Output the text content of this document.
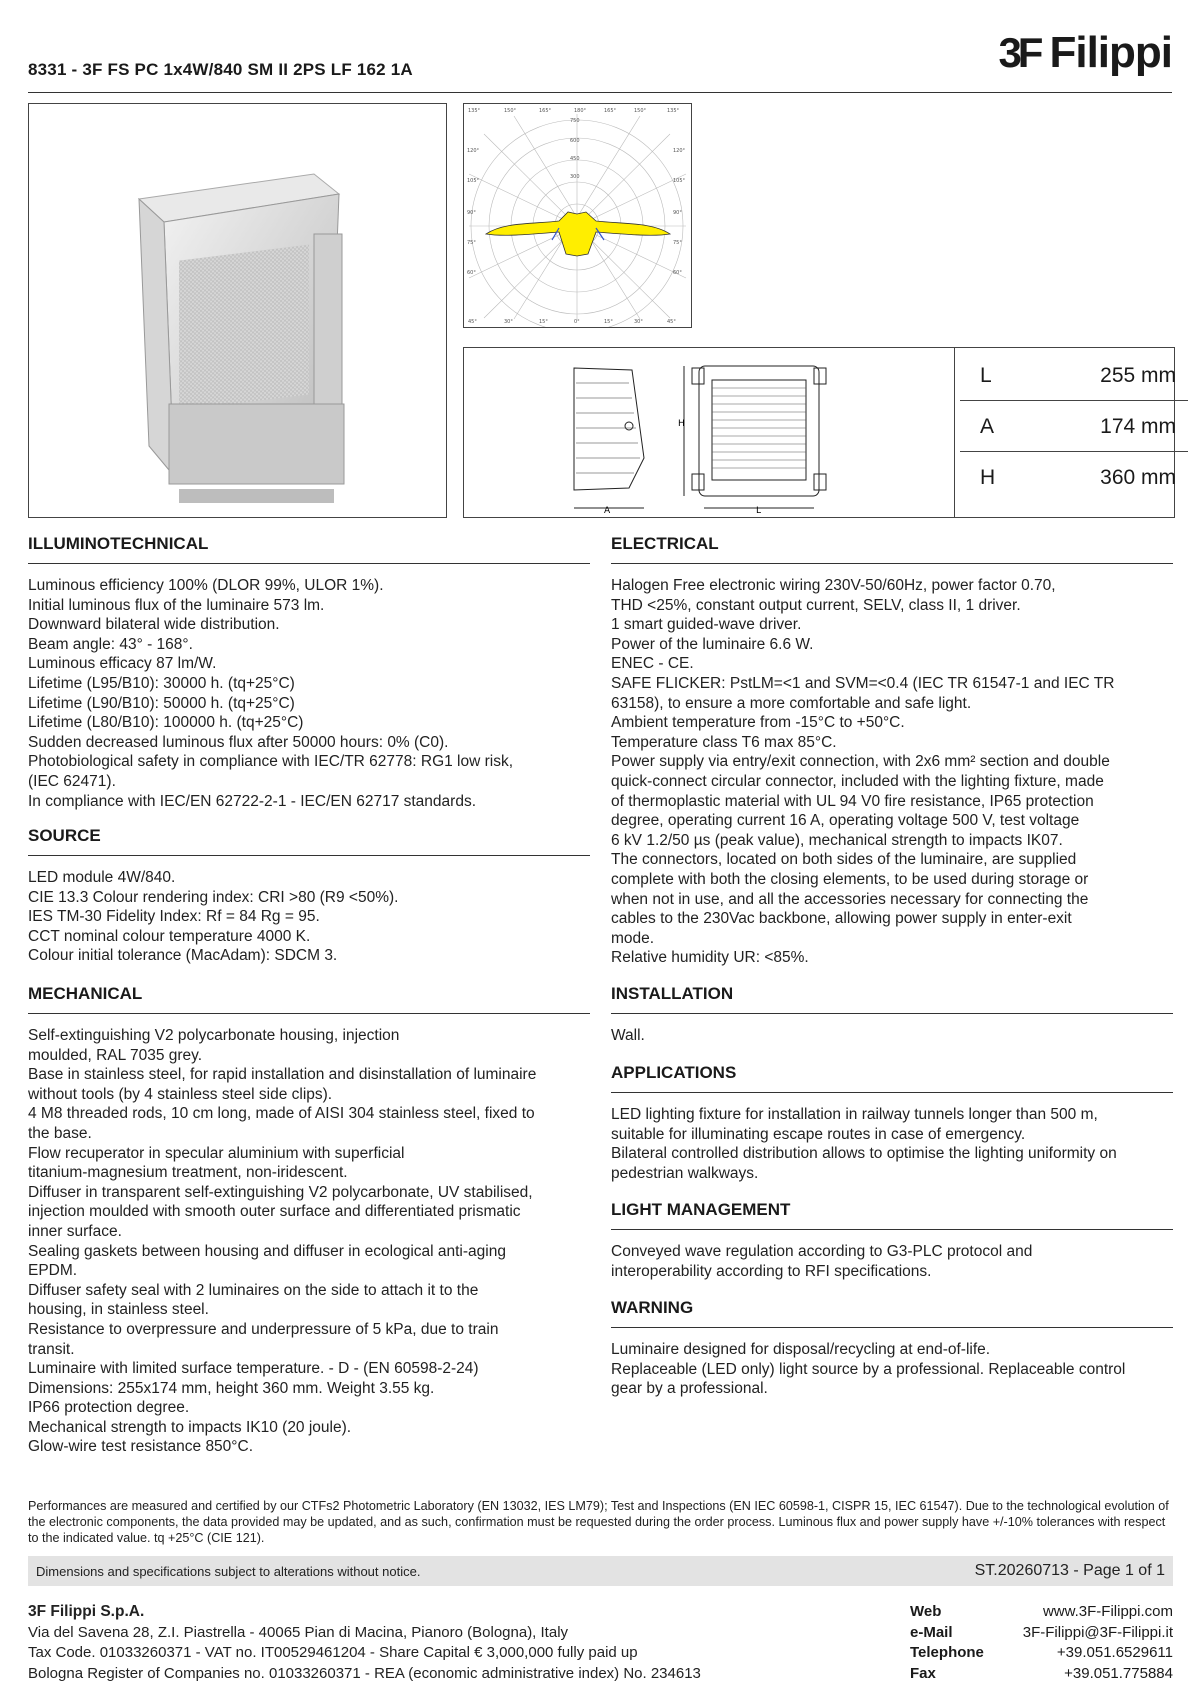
8331 - 3F FS PC 1x4W/840 SM II 2PS LF 162 1A	3F Filippi
135°	150°	165°	180°	165°	150°	135°
45°	30°	15°	0°	15°	30°	45°
120°
105°
90°
75°
60°
120°
105°
90°
75°
60°
750
600
450
300
A	L
H
L	255 mm
A	174 mm
H	360 mm
ILLUMINOTECHNICAL
Luminous efficiency 100% (DLOR 99%, ULOR 1%).
Initial luminous flux of the luminaire 573 lm.
Downward bilateral wide distribution.
Beam angle: 43° - 168°.
Luminous efficacy 87 lm/W.
Lifetime (L95/B10): 30000 h. (tq+25°C)
Lifetime (L90/B10): 50000 h. (tq+25°C)
Lifetime (L80/B10): 100000 h. (tq+25°C)
Sudden decreased luminous flux after 50000 hours: 0% (C0).
Photobiological safety in compliance with IEC/TR 62778: RG1 low risk,
(IEC 62471).
In compliance with IEC/EN 62722-2-1 - IEC/EN 62717 standards.
SOURCE
LED module 4W/840.
CIE 13.3 Colour rendering index: CRI >80 (R9 <50%).
IES TM-30 Fidelity Index: Rf = 84 Rg = 95.
CCT nominal colour temperature 4000 K.
Colour initial tolerance (MacAdam): SDCM 3.
MECHANICAL
Self-extinguishing V2 polycarbonate housing, injection
moulded, RAL 7035 grey.
Base in stainless steel, for rapid installation and disinstallation of luminaire
without tools (by 4 stainless steel side clips).
4 M8 threaded rods, 10 cm long, made of AISI 304 stainless steel, fixed to
the base.
Flow recuperator in specular aluminium with superficial
titanium-magnesium treatment, non-iridescent.
Diffuser in transparent self-extinguishing V2 polycarbonate, UV stabilised,
injection moulded with smooth outer surface and differentiated prismatic
inner surface.
Sealing gaskets between housing and diffuser in ecological anti-aging
EPDM.
Diffuser safety seal with 2 luminaires on the side to attach it to the
housing, in stainless steel.
Resistance to overpressure and underpressure of 5 kPa, due to train
transit.
Luminaire with limited surface temperature. - D - (EN 60598-2-24)
Dimensions: 255x174 mm, height 360 mm. Weight 3.55 kg.
IP66 protection degree.
Mechanical strength to impacts IK10 (20 joule).
Glow-wire test resistance 850°C.
ELECTRICAL
Halogen Free electronic wiring 230V-50/60Hz, power factor 0.70,
THD <25%, constant output current, SELV, class II, 1 driver.
1 smart guided-wave driver.
Power of the luminaire 6.6 W.
ENEC - CE.
SAFE FLICKER: PstLM=<1 and SVM=<0.4 (IEC TR 61547-1 and IEC TR
63158), to ensure a more comfortable and safe light.
Ambient temperature from -15°C to +50°C.
Temperature class T6 max 85°C.
Power supply via entry/exit connection, with 2x6 mm² section and double
quick-connect circular connector, included with the lighting fixture, made
of thermoplastic material with UL 94 V0 fire resistance, IP65 protection
degree, operating current 16 A, operating voltage 500 V, test voltage
6 kV 1.2/50 µs (peak value), mechanical strength to impacts IK07.
The connectors, located on both sides of the luminaire, are supplied
complete with both the closing elements, to be used during storage or
when not in use, and all the accessories necessary for connecting the
cables to the 230Vac backbone, allowing power supply in enter-exit
mode.
Relative humidity UR: <85%.
INSTALLATION
Wall.
APPLICATIONS
LED lighting fixture for installation in railway tunnels longer than 500 m,
suitable for illuminating escape routes in case of emergency.
Bilateral controlled distribution allows to optimise the lighting uniformity on
pedestrian walkways.
LIGHT MANAGEMENT
Conveyed wave regulation according to G3-PLC protocol and
interoperability according to RFI specifications.
WARNING
Luminaire designed for disposal/recycling at end-of-life.
Replaceable (LED only) light source by a professional. Replaceable control
gear by a professional.
Performances are measured and certified by our CTFs2 Photometric Laboratory (EN 13032, IES LM79); Test and Inspections (EN IEC 60598-1, CISPR 15, IEC 61547). Due to the technological evolution of the electronic components, the data provided may be updated, and as such, confirmation must be requested during the order process. Luminous flux and power supply have +/-10% tolerances with respect to the indicated value. tq +25°C (CIE 121).
Dimensions and specifications subject to alterations without notice.	ST.20260713 - Page 1 of 1
3F Filippi S.p.A.
Via del Savena 28, Z.I. Piastrella - 40065 Pian di Macina, Pianoro (Bologna), Italy
Tax Code. 01033260371 - VAT no. IT00529461204 - Share Capital € 3,000,000 fully paid up
Bologna Register of Companies no. 01033260371 - REA (economic administrative index) No. 234613
Web	www.3F-Filippi.com
e-Mail	3F-Filippi@3F-Filippi.it
Telephone	+39.051.6529611
Fax	+39.051.775884
